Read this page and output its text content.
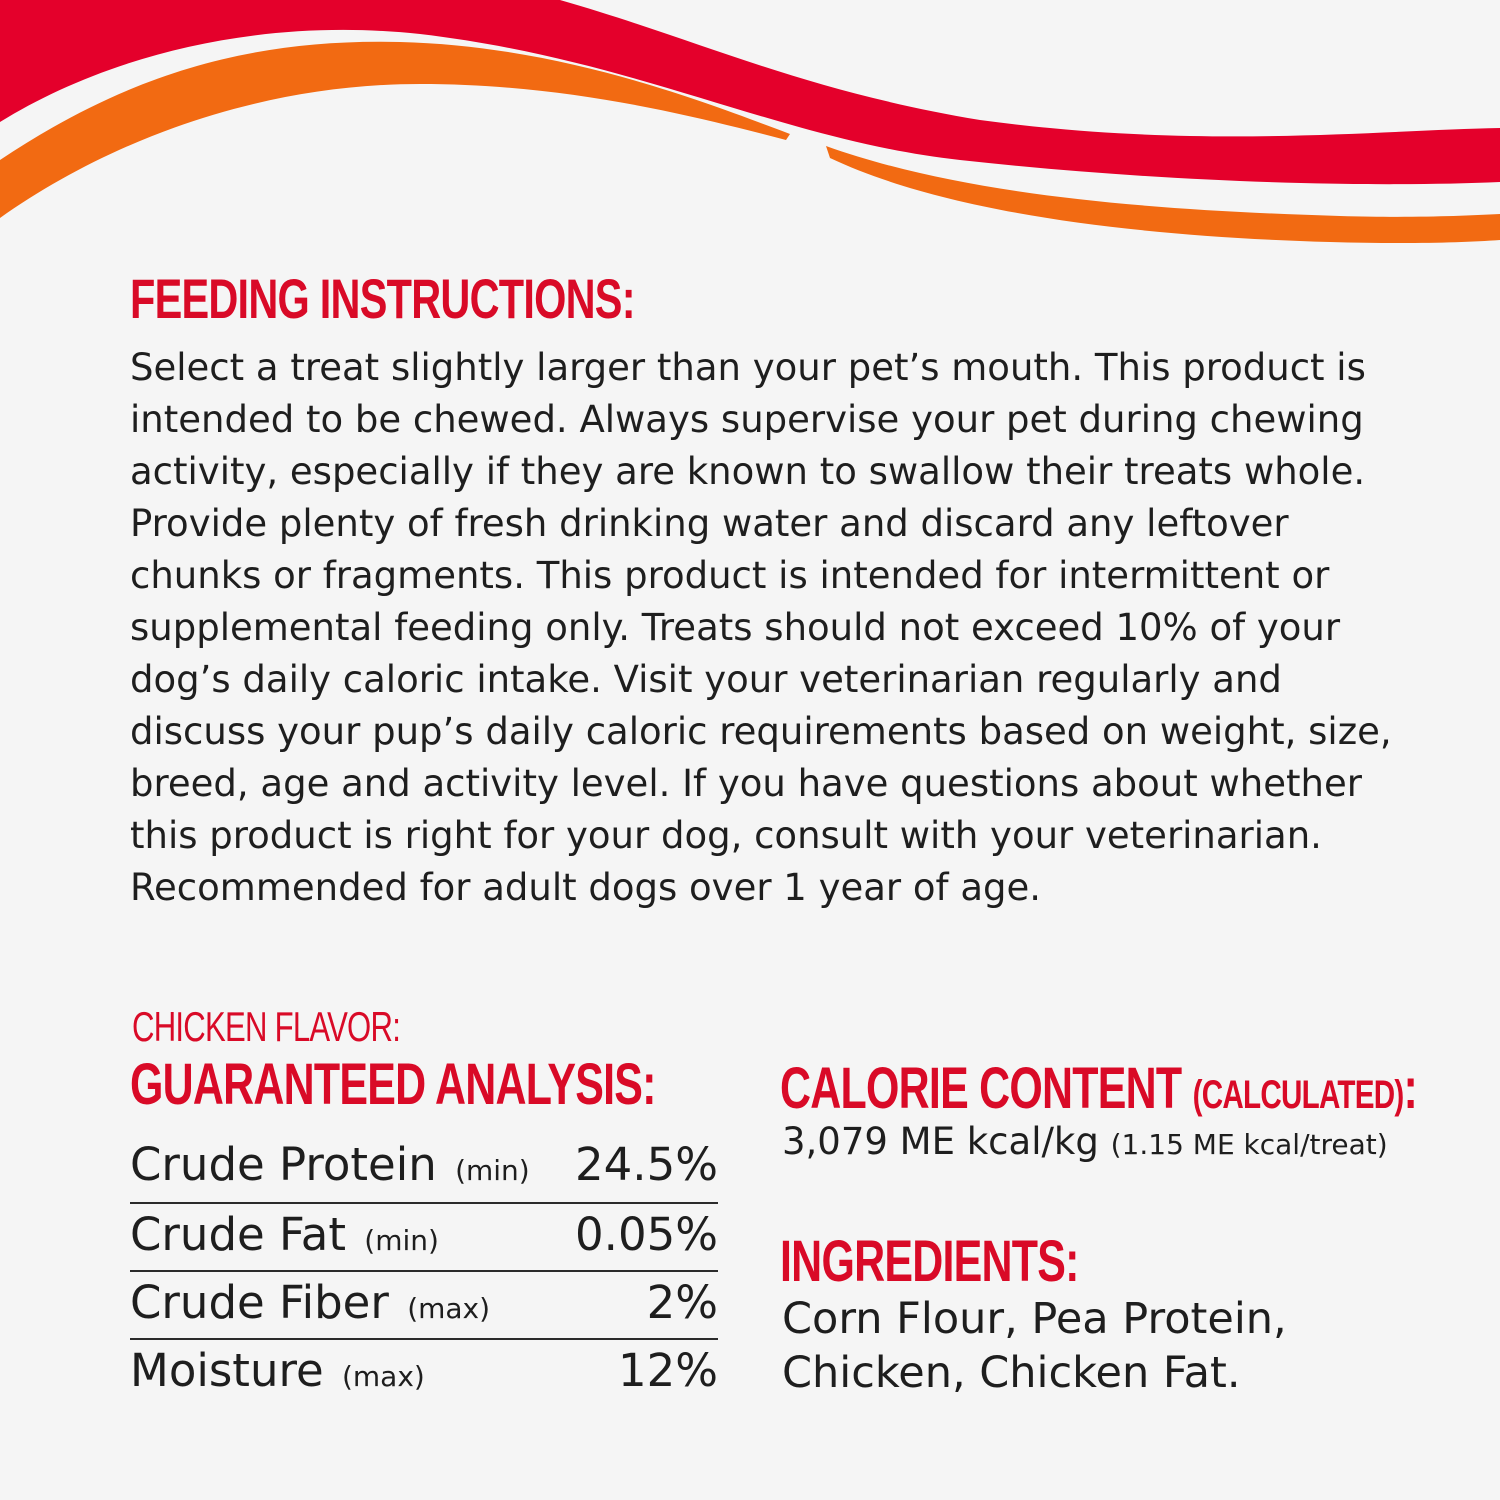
FEEDING INSTRUCTIONS:
Select a treat slightly larger than your pet’s mouth. This product is intended to be chewed. Always supervise your pet during chewing activity, especially if they are known to swallow their treats whole. Provide plenty of fresh drinking water and discard any leftover chunks or fragments. This product is intended for intermittent or supplemental feeding only. Treats should not exceed 10% of your dog’s daily caloric intake. Visit your veterinarian regularly and discuss your pup’s daily caloric requirements based on weight, size, breed, age and activity level. If you have questions about whether this product is right for your dog, consult with your veterinarian. Recommended for adult dogs over 1 year of age.
CHICKEN FLAVOR:
GUARANTEED ANALYSIS:
Crude Protein (min) 24.5%
Crude Fat (min)	0.05%
Crude Fiber (max)	2%
Moisture (max)	12%
CALORIE CONTENT (CALCULATED):
3,079 ME kcal/kg (1.15 ME kcal/treat)
INGREDIENTS:
Corn Flour, Pea Protein, Chicken, Chicken Fat.
